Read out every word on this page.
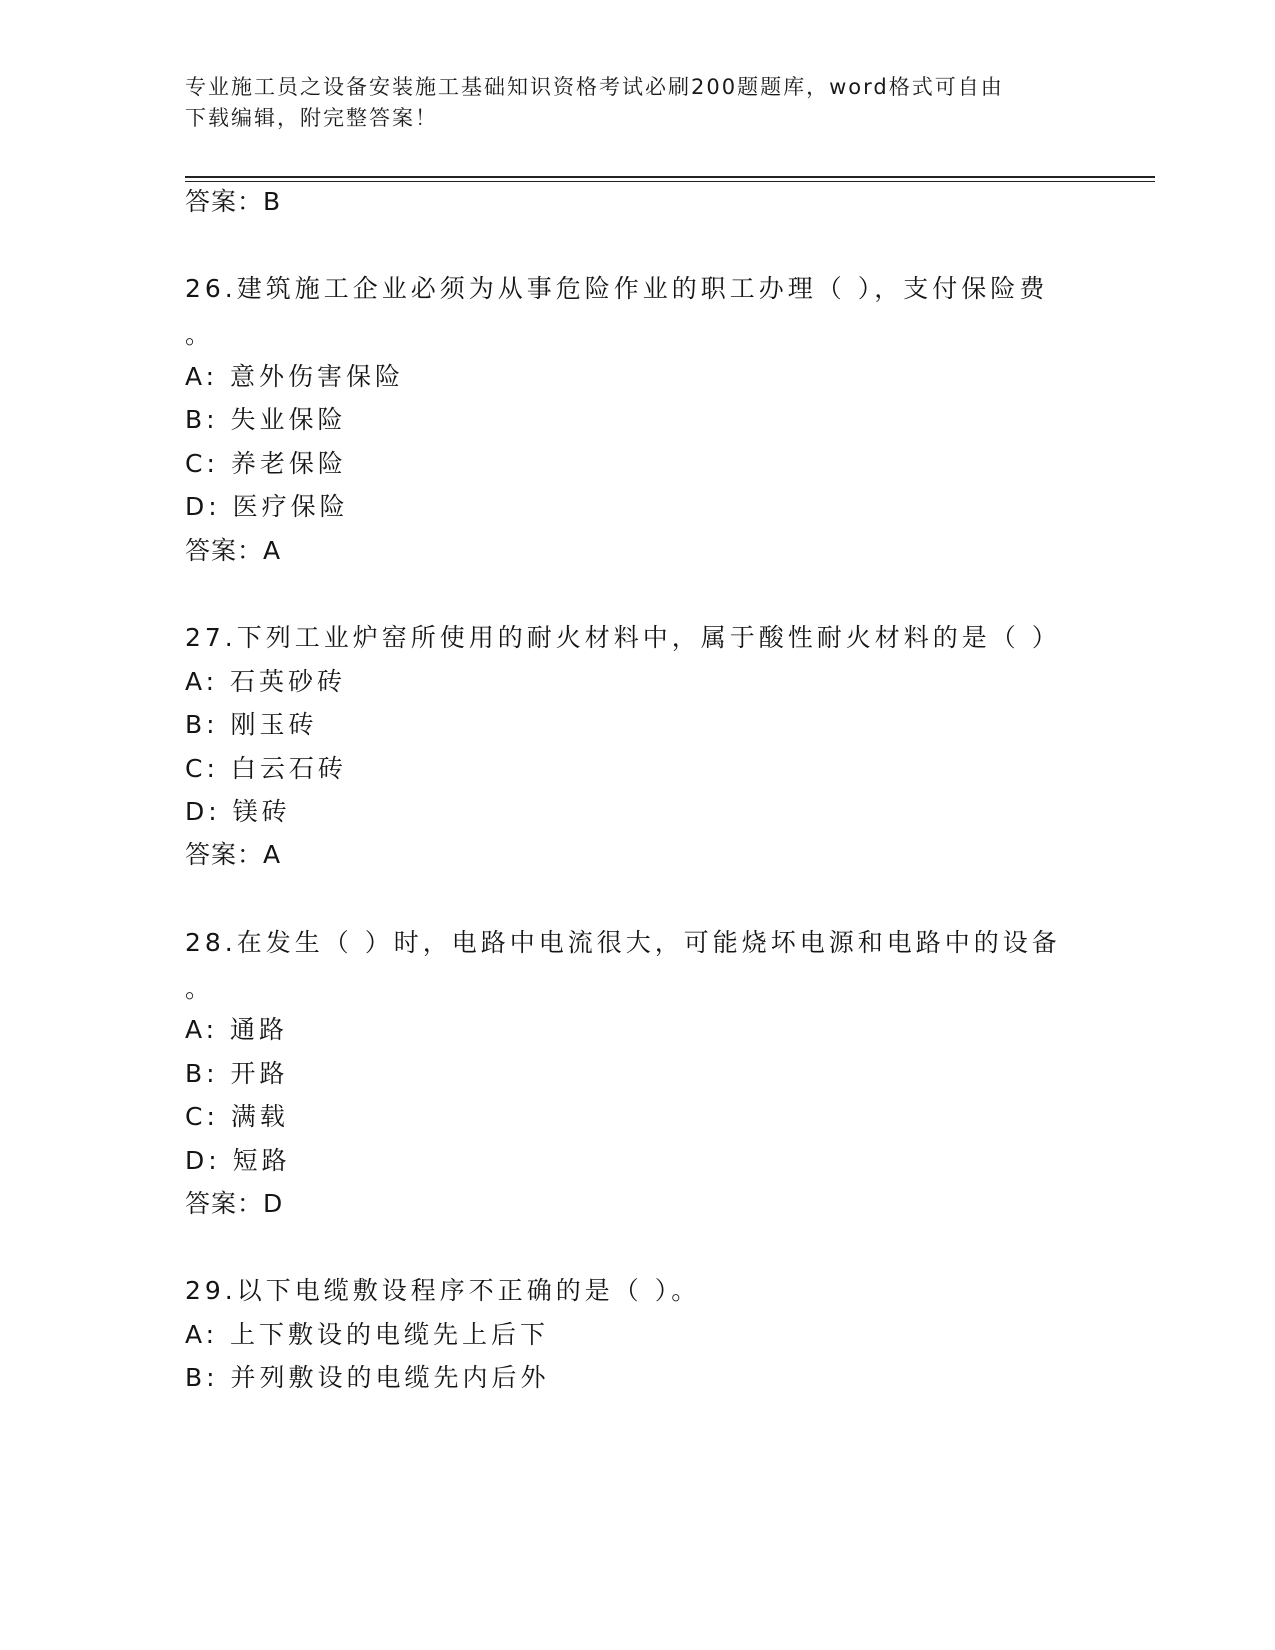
专业施工员之设备安装施工基础知识资格考试必刷200题题库，word格式可自由
下载编辑，附完整答案！
答案：B
26.建筑施工企业必须为从事危险作业的职工办理（ ），支付保险费
。
A: 意外伤害保险
B: 失业保险
C: 养老保险
D: 医疗保险
答案：A
27.下列工业炉窑所使用的耐火材料中，属于酸性耐火材料的是（ ）
A: 石英砂砖
B: 刚玉砖
C: 白云石砖
D: 镁砖
答案：A
28.在发生（ ）时，电路中电流很大，可能烧坏电源和电路中的设备
。
A: 通路
B: 开路
C: 满载
D: 短路
答案：D
29.以下电缆敷设程序不正确的是（ ）。
A: 上下敷设的电缆先上后下
B: 并列敷设的电缆先内后外
